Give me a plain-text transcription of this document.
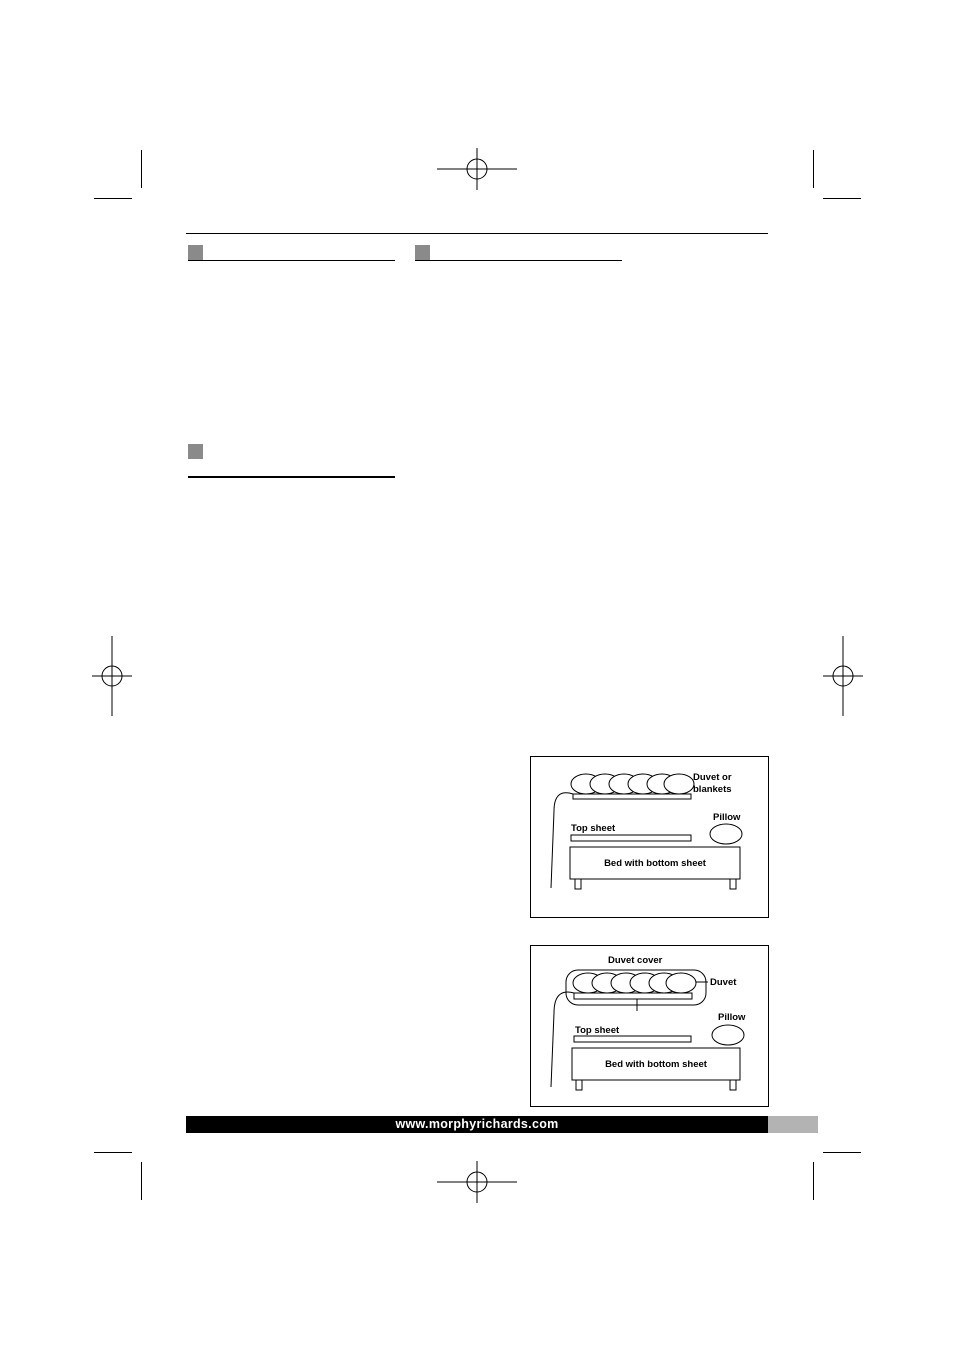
Duvet or
blankets
Pillow
Top sheet
Bed with bottom sheet
Duvet cover
Duvet
Pillow
Top sheet
Bed with bottom sheet
www.morphyrichards.com
